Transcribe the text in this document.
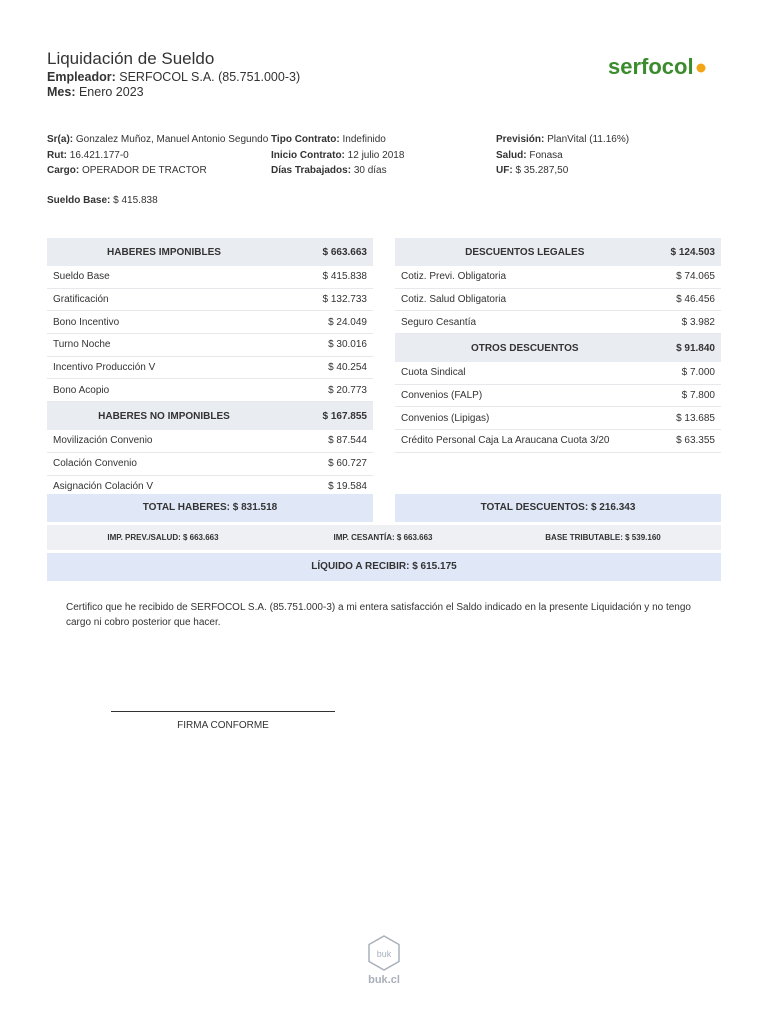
Liquidación de Sueldo
Empleador: SERFOCOL S.A. (85.751.000-3)
Mes: Enero 2023
serfocol
Sr(a): Gonzalez Muñoz, Manuel Antonio Segundo
Rut: 16.421.177-0
Cargo: OPERADOR DE TRACTOR
Tipo Contrato: Indefinido
Inicio Contrato: 12 julio 2018
Días Trabajados: 30 días
Previsión: PlanVital (11.16%)
Salud: Fonasa
UF: $ 35.287,50
Sueldo Base: $ 415.838
HABERES IMPONIBLES	$ 663.663
Sueldo Base	$ 415.838
Gratificación	$ 132.733
Bono Incentivo	$ 24.049
Turno Noche	$ 30.016
Incentivo Producción V	$ 40.254
Bono Acopio	$ 20.773
HABERES NO IMPONIBLES	$ 167.855
Movilización Convenio	$ 87.544
Colación Convenio	$ 60.727
Asignación Colación V	$ 19.584
DESCUENTOS LEGALES	$ 124.503
Cotiz. Previ. Obligatoria	$ 74.065
Cotiz. Salud Obligatoria	$ 46.456
Seguro Cesantía	$ 3.982
OTROS DESCUENTOS	$ 91.840
Cuota Sindical	$ 7.000
Convenios (FALP)	$ 7.800
Convenios (Lipigas)	$ 13.685
Crédito Personal Caja La Araucana Cuota 3/20	$ 63.355
TOTAL HABERES: $ 831.518	TOTAL DESCUENTOS: $ 216.343
IMP. PREV./SALUD: $ 663.663	IMP. CESANTÍA: $ 663.663	BASE TRIBUTABLE: $ 539.160
LÍQUIDO A RECIBIR: $ 615.175
Certifico que he recibido de SERFOCOL S.A. (85.751.000-3) a mi entera satisfacción el Saldo indicado en la presente Liquidación y no tengo cargo ni cobro posterior que hacer.
FIRMA CONFORME
buk
buk.cl
